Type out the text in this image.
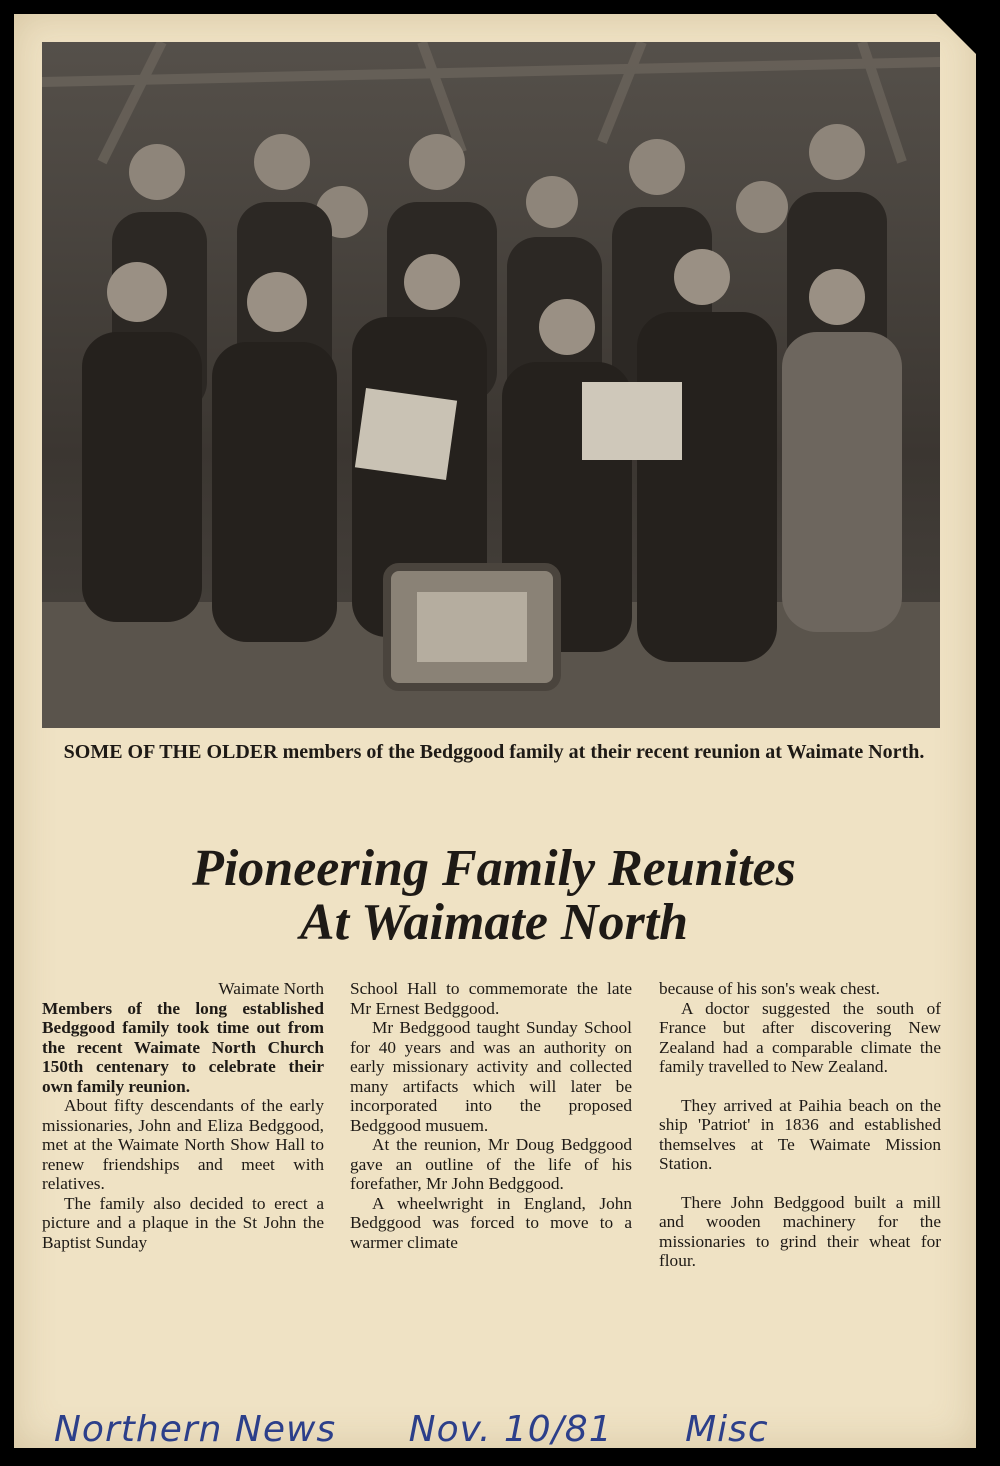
SOME OF THE OLDER members of the Bedggood family at their recent reunion at Waimate North.
Pioneering Family Reunites
At Waimate North

Waimate North

Members of the long established Bedggood family took time out from the recent Waimate North Church 150th centenary to celebrate their own family reunion.

About fifty descendants of the early missionaries, John and Eliza Bedggood, met at the Waimate North Show Hall to renew friendships and meet with relatives.

The family also decided to erect a picture and a plaque in the St John the Baptist Sunday

School Hall to commemorate the late Mr Ernest Bedggood.

Mr Bedggood taught Sunday School for 40 years and was an authority on early missionary activity and collected many artifacts which will later be incorporated into the proposed Bedggood musuem.

At the reunion, Mr Doug Bedggood gave an outline of the life of his forefather, Mr John Bedggood.

A wheelwright in England, John Bedggood was forced to move to a warmer climate

because of his son's weak chest.

A doctor suggested the south of France but after discovering New Zealand had a comparable climate the family travelled to New Zealand.

They arrived at Paihia beach on the ship 'Patriot' in 1836 and established themselves at Te Waimate Mission Station.

There John Bedggood built a mill and wooden machinery for the missionaries to grind their wheat for flour.

Northern News Nov. 10/81 Misc
